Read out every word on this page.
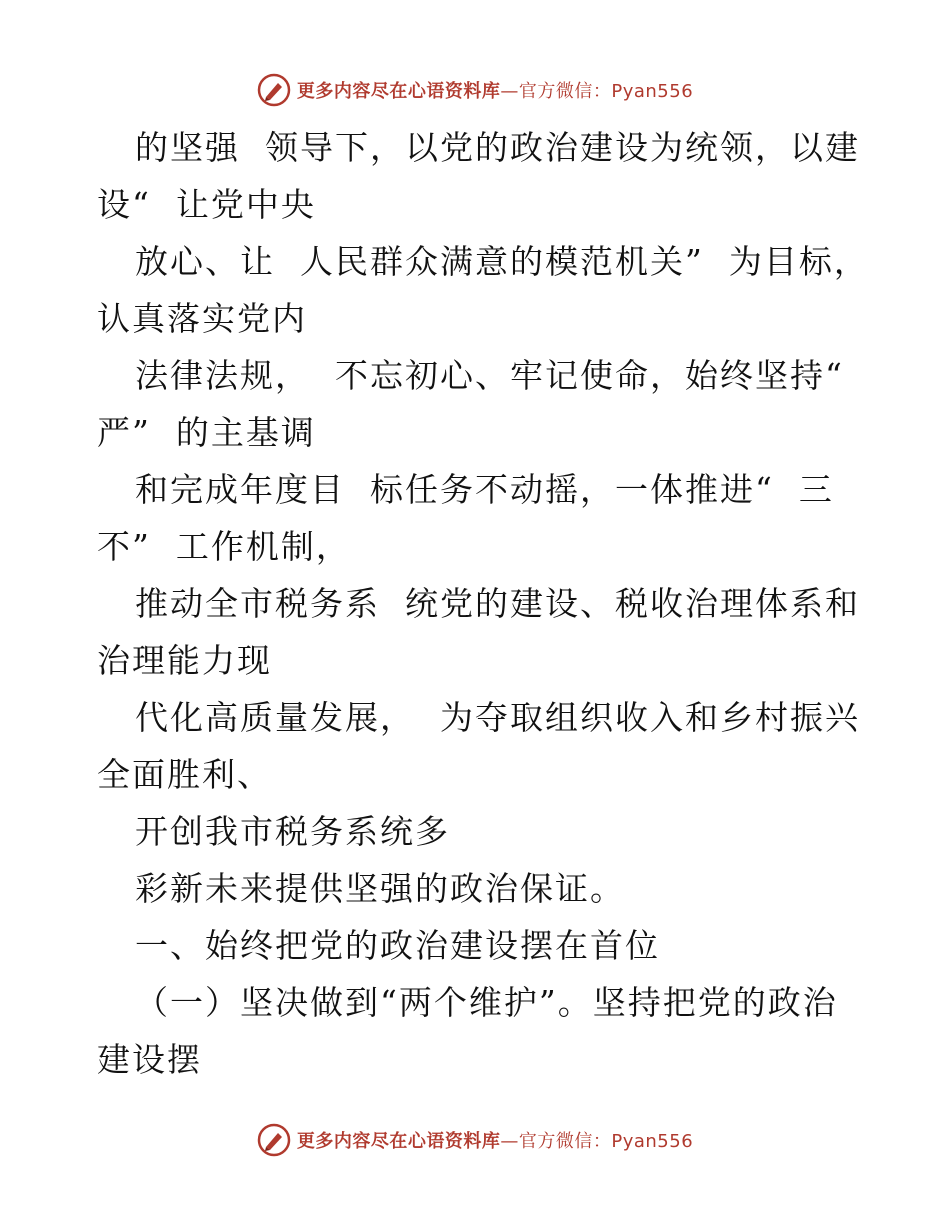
更多内容尽在心语资料库—官方微信：Pyan556
的坚强  领导下，以党的政治建设为统领，以建
设“  让党中央
放心、让  人民群众满意的模范机关”  为目标，
认真落实党内
法律法规，  不忘初心、牢记使命，始终坚持“
严”  的主基调
和完成年度目  标任务不动摇，一体推进“  三
不”  工作机制，
推动全市税务系  统党的建设、税收治理体系和
治理能力现
代化高质量发展，  为夺取组织收入和乡村振兴
全面胜利、
开创我市税务系统多
彩新未来提供坚强的政治保证。
一、始终把党的政治建设摆在首位
（一）坚决做到“两个维护”。坚持把党的政治
建设摆
更多内容尽在心语资料库—官方微信：Pyan556
